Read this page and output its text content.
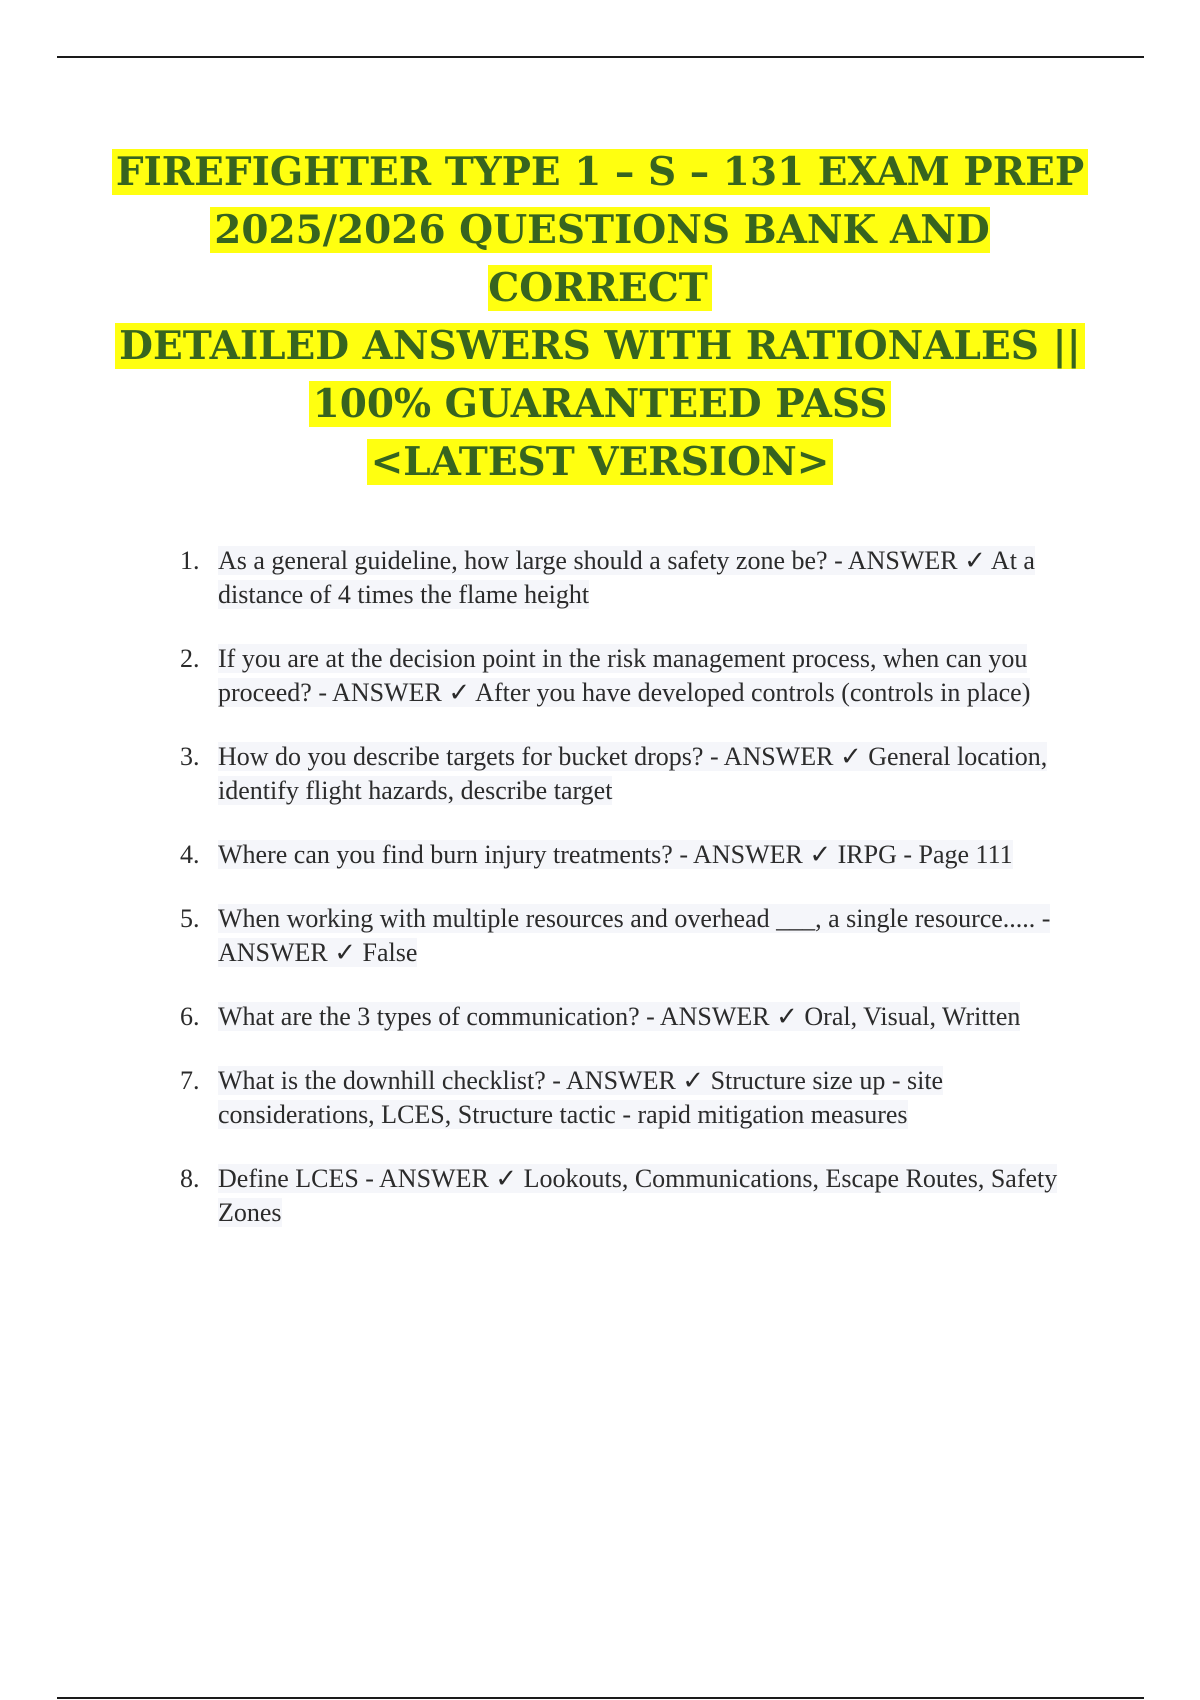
FIREFIGHTER TYPE 1 – S – 131 EXAM PREP
2025/2026 QUESTIONS BANK AND CORRECT
DETAILED ANSWERS WITH RATIONALES ||
100% GUARANTEED PASS
<LATEST VERSION>
1. As a general guideline, how large should a safety zone be? - ANSWER ✓ At a distance of 4 times the flame height
2. If you are at the decision point in the risk management process, when can you proceed? - ANSWER ✓ After you have developed controls (controls in place)
3. How do you describe targets for bucket drops? - ANSWER ✓ General location, identify flight hazards, describe target
4. Where can you find burn injury treatments? - ANSWER ✓ IRPG - Page 111
5. When working with multiple resources and overhead ___, a single resource..... - ANSWER ✓ False
6. What are the 3 types of communication? - ANSWER ✓ Oral, Visual, Written
7. What is the downhill checklist? - ANSWER ✓ Structure size up - site considerations, LCES, Structure tactic - rapid mitigation measures
8. Define LCES - ANSWER ✓ Lookouts, Communications, Escape Routes, Safety Zones
